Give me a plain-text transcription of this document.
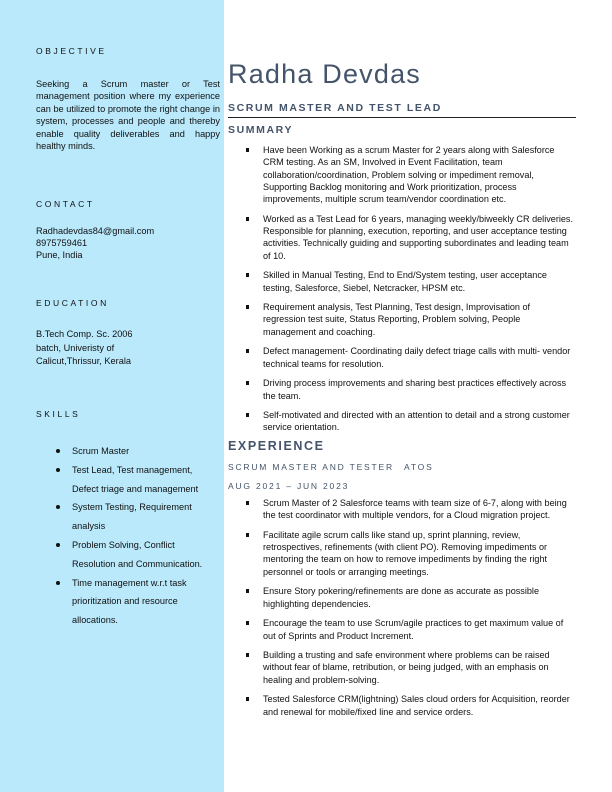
OBJECTIVE
Seeking a Scrum master or Test management position where my experience can be utilized to promote the right change in system, processes and people and thereby enable quality deliverables and happy healthy minds.
CONTACT
Radhadevdas84@gmail.com
8975759461
Pune, India
EDUCATION
B.Tech Comp. Sc. 2006
batch, Univeristy of
Calicut,Thrissur, Kerala
SKILLS
Scrum Master
Test Lead, Test management, Defect triage and management
System Testing, Requirement analysis
Problem Solving, Conflict Resolution and Communication.
Time management w.r.t task prioritization and resource allocations.
Radha Devdas
SCRUM MASTER AND TEST LEAD
SUMMARY
Have been Working as a scrum Master for 2 years along with Salesforce CRM testing. As an SM, Involved in Event Facilitation, team collaboration/coordination, Problem solving or impediment removal, Supporting Backlog monitoring and Work prioritization, process improvements, multiple scrum team/vendor coordination etc.
Worked as a Test Lead for 6 years, managing weekly/biweekly CR deliveries. Responsible for planning, execution, reporting, and user acceptance testing activities. Technically guiding and supporting subordinates and leading team of 10.
Skilled in Manual Testing, End to End/System testing, user acceptance testing, Salesforce, Siebel, Netcracker, HPSM etc.
Requirement analysis, Test Planning, Test design, Improvisation of regression test suite, Status Reporting, Problem solving, People management and coaching.
Defect management- Coordinating daily defect triage calls with multi- vendor technical teams for resolution.
Driving process improvements and sharing best practices effectively across the team.
Self-motivated and directed with an attention to detail and a strong customer service orientation.
EXPERIENCE
SCRUM MASTER AND TESTER ATOS
AUG 2021 – JUN 2023
Scrum Master of 2 Salesforce teams with team size of 6-7, along with being the test coordinator with multiple vendors, for a Cloud migration project.
Facilitate agile scrum calls like stand up, sprint planning, review, retrospectives, refinements (with client PO). Removing impediments or mentoring the team on how to remove impediments by finding the right personnel or tools or arranging meetings.
Ensure Story pokering/refinements are done as accurate as possible highlighting dependencies.
Encourage the team to use Scrum/agile practices to get maximum value of out of Sprints and Product Increment.
Building a trusting and safe environment where problems can be raised without fear of blame, retribution, or being judged, with an emphasis on healing and problem-solving.
Tested Salesforce CRM(lightning) Sales cloud orders for Acquisition, reorder and renewal for mobile/fixed line and service orders.
